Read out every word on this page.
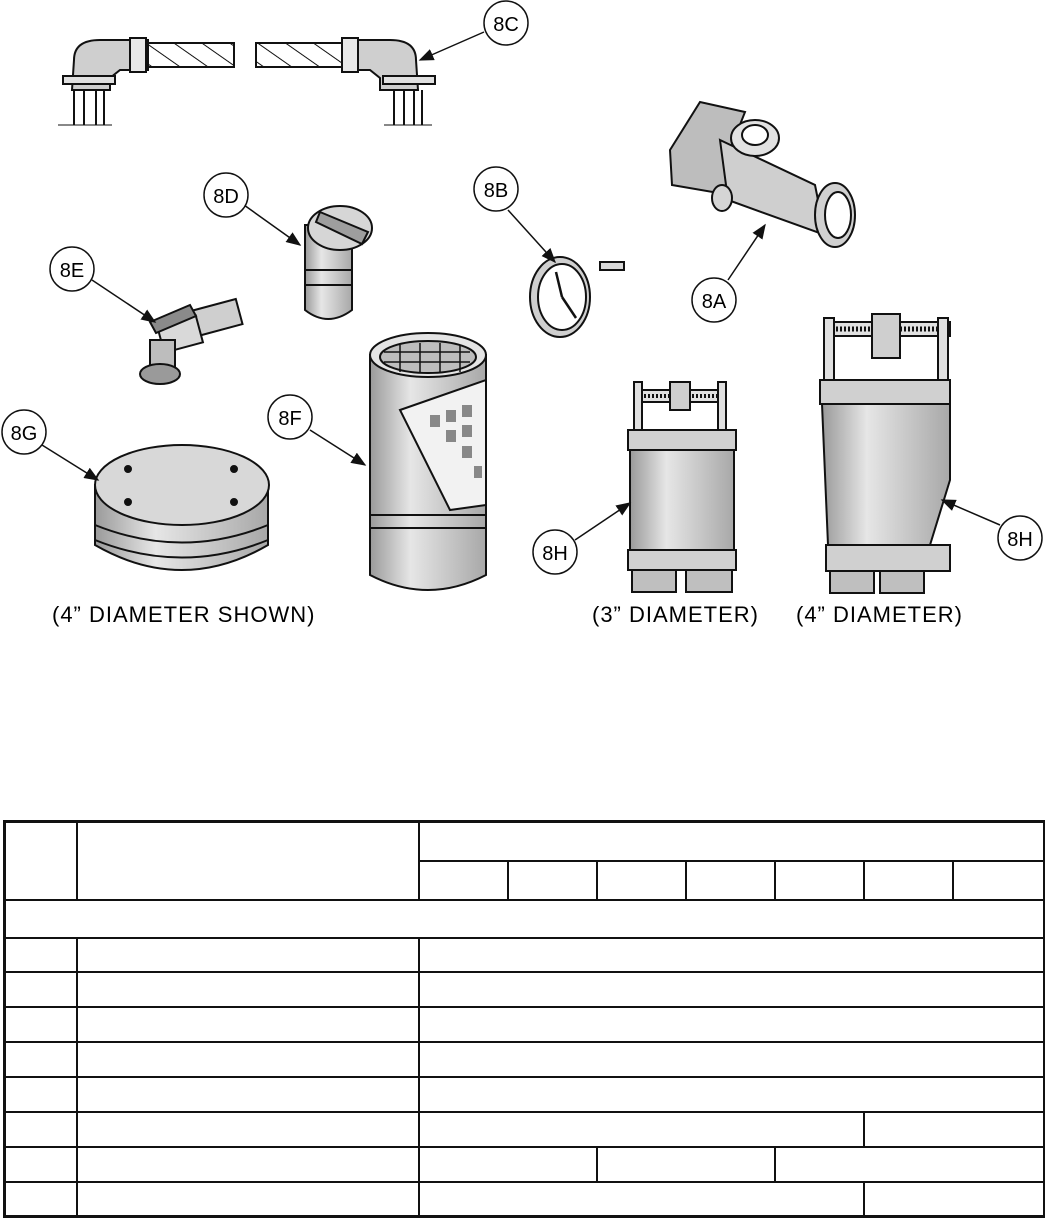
8C
8A
8B
8D
8E
8F
8G
8H
8H
(4” DIAMETER SHOWN)	(3” DIAMETER) (4” DIAMETER)
